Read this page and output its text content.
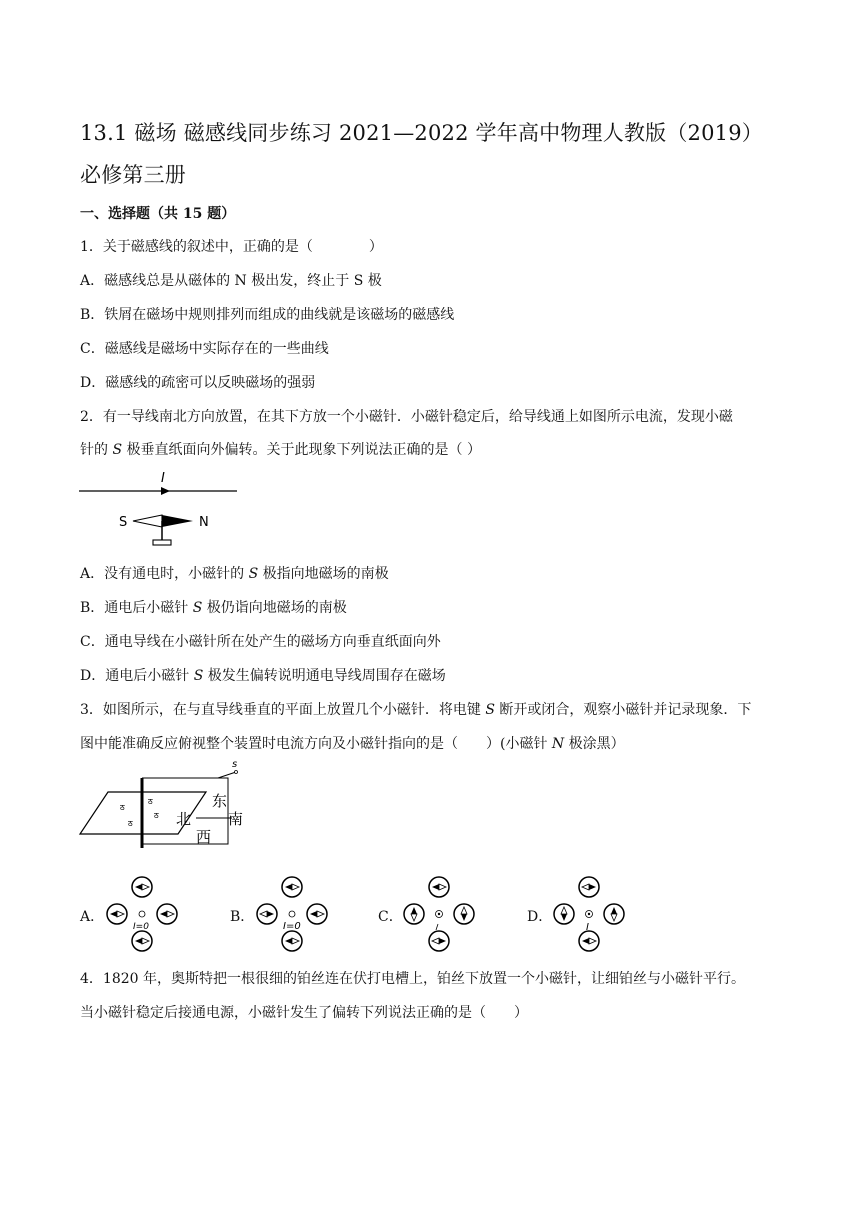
13.1 磁场 磁感线同步练习 2021—2022 学年高中物理人教版（2019）
必修第三册
一、选择题（共 15 题）
1．关于磁感线的叙述中，正确的是（　　　　）
A．磁感线总是从磁体的 N 极出发，终止于 S 极
B．铁屑在磁场中规则排列而组成的曲线就是该磁场的磁感线
C．磁感线是磁场中实际存在的一些曲线
D．磁感线的疏密可以反映磁场的强弱
2．有一导线南北方向放置，在其下方放一个小磁针．小磁针稳定后，给导线通上如图所示电流，发现小磁
针的 S 极垂直纸面向外偏转。关于此现象下列说法正确的是（ ）
I
S	N
A．没有通电时，小磁针的 S 极指向地磁场的南极
B．通电后小磁针 S 极仍诣向地磁场的南极
C．通电导线在小磁针所在处产生的磁场方向垂直纸面向外
D．通电后小磁针 S 极发生偏转说明通电导线周围存在磁场
3．如图所示，在与直导线垂直的平面上放置几个小磁针．将电键 S 断开或闭合，观察小磁针并记录现象．下
图中能准确反应俯视整个装置时电流方向及小磁针指向的是（　　）(小磁针 N 极涂黑）
s
ठ
ठ
ठ
ठ
东
北 南
西
A．	B．	C．	D．
I=0	I=0	I
4．1820 年，奥斯特把一根很细的铂丝连在伏打电槽上，铂丝下放置一个小磁针，让细铂丝与小磁针平行。
当小磁针稳定后接通电源，小磁针发生了偏转下列说法正确的是（　　）
